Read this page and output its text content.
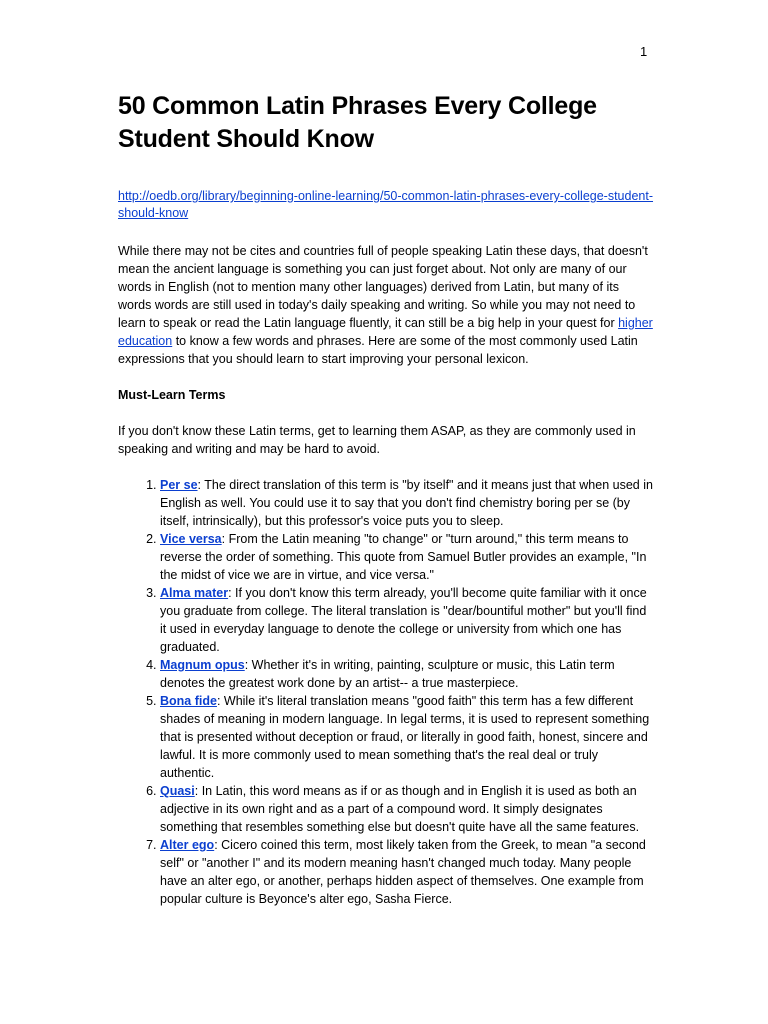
1
50 Common Latin Phrases Every College Student Should Know

http://oedb.org/library/beginning-online-learning/50-common-latin-phrases-every-college-student-should-know

While there may not be cites and countries full of people speaking Latin these days, that doesn't mean the ancient language is something you can just forget about. Not only are many of our words in English (not to mention many other languages) derived from Latin, but many of its words words are still used in today's daily speaking and writing. So while you may not need to learn to speak or read the Latin language fluently, it can still be a big help in your quest for higher education to know a few words and phrases. Here are some of the most commonly used Latin expressions that you should learn to start improving your personal lexicon.

Must-Learn Terms

If you don't know these Latin terms, get to learning them ASAP, as they are commonly used in speaking and writing and may be hard to avoid.

1. Per se: The direct translation of this term is "by itself" and it means just that when used in English as well. You could use it to say that you don't find chemistry boring per se (by itself, intrinsically), but this professor's voice puts you to sleep.
2. Vice versa: From the Latin meaning "to change" or "turn around," this term means to reverse the order of something. This quote from Samuel Butler provides an example, "In the midst of vice we are in virtue, and vice versa."
3. Alma mater: If you don't know this term already, you'll become quite familiar with it once you graduate from college. The literal translation is "dear/bountiful mother" but you'll find it used in everyday language to denote the college or university from which one has graduated.
4. Magnum opus: Whether it's in writing, painting, sculpture or music, this Latin term denotes the greatest work done by an artist-- a true masterpiece.
5. Bona fide: While it's literal translation means "good faith" this term has a few different shades of meaning in modern language. In legal terms, it is used to represent something that is presented without deception or fraud, or literally in good faith, honest, sincere and lawful. It is more commonly used to mean something that's the real deal or truly authentic.
6. Quasi: In Latin, this word means as if or as though and in English it is used as both an adjective in its own right and as a part of a compound word. It simply designates something that resembles something else but doesn't quite have all the same features.
7. Alter ego: Cicero coined this term, most likely taken from the Greek, to mean "a second self" or "another I" and its modern meaning hasn't changed much today. Many people have an alter ego, or another, perhaps hidden aspect of themselves. One example from popular culture is Beyonce's alter ego, Sasha Fierce.
